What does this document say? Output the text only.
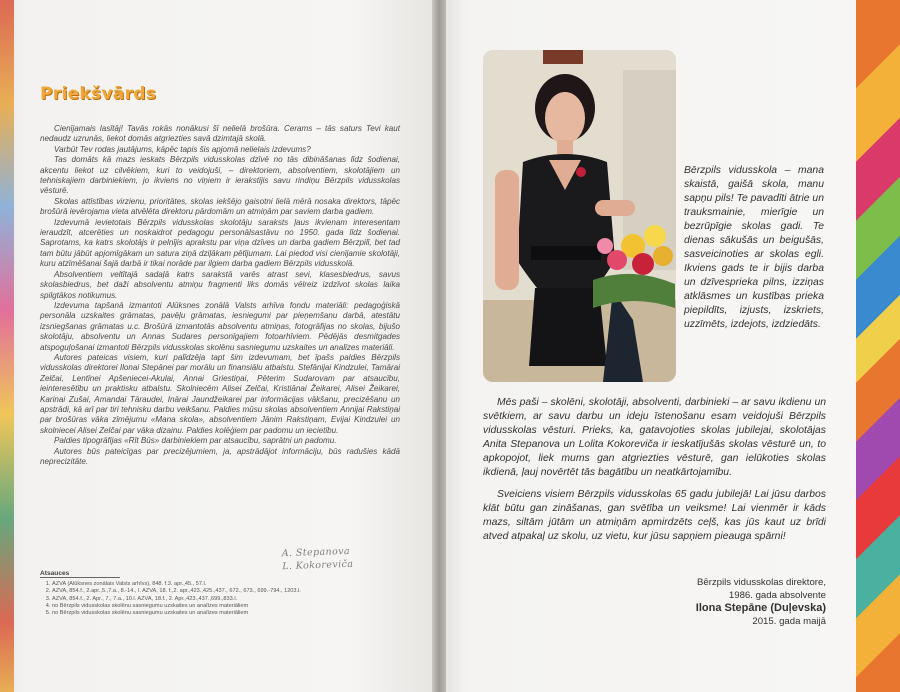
Priekšvārds

Cienījamais lasītāj! Tavās rokās nonākusi šī nelielā brošūra. Cerams – tās saturs Tevi kaut nedaudz uzrunās, liekot domās atgriezties savā dzimtajā skolā.

Varbūt Tev rodas jautājums, kāpēc tapis šis apjomā nelielais izdevums?

Tas domāts kā mazs ieskats Bērzpils vidusskolas dzīvē no tās dibināšanas līdz šodienai, akcentu liekot uz cilvēkiem, kuri to veidojuši, – direktoriem, absolventiem, skolotājiem un tehniskajiem darbiniekiem, jo ikviens no viņiem ir ierakstījis savu rindiņu Bērzpils vidusskolas vēsturē.

Skolas attīstības virzienu, prioritātes, skolas iekšējo gaisotni lielā mērā nosaka direktors, tāpēc brošūrā ievērojama vieta atvēlēta direktoru pārdomām un atmiņām par saviem darba gadiem.

Izdevumā ievietotais Bērzpils vidusskolas skolotāju saraksts ļaus ikvienam interesentam ieraudzīt, atcerēties un noskaidrot pedagogu personālsastāvu no 1950. gada līdz šodienai. Saprotams, ka katrs skolotājs ir pelnījis aprakstu par viņa dzīves un darba gadiem Bērzpilī, bet tad tam būtu jābūt apjomīgākam un satura ziņā dziļākam pētījumam. Lai piedod visi cienījamie skolotāji, kuru atzīmēšanai šajā darbā ir tikai norāde par ilgiem darba gadiem Bērzpils vidusskolā.

Absolventiem veltītajā sadaļā katrs sarakstā varēs atrast sevi, klasesbiedrus, savus skolasbiedrus, bet daži absolventu atmiņu fragmenti liks domās vēlreiz izdzīvot skolas laika spilgtākos notikumus.

Izdevuma tapšanā izmantoti Alūksnes zonālā Valsts arhīva fondu materiāli: pedagoģiskā personāla uzskaites grāmatas, pavēļu grāmatas, iesniegumi par pieņemšanu darbā, atestātu izsniegšanas grāmatas u.c. Brošūrā izmantotās absolventu atmiņas, fotogrāfijas no skolas, bijušo skolotāju, absolventu un Annas Sudares personīgajiem fotoarhīviem. Pēdējās desmitgades atspoguļošanai izmantoti Bērzpils vidusskolas skolēnu sasniegumu uzskaites un analīzes materiāli.

Autores pateicas visiem, kuri palīdzēja tapt šim izdevumam, bet īpašs paldies Bērzpils vidusskolas direktorei Ilonai Stepānei par morālu un finansiālu atbalstu. Stefānijai Kindzulei, Tamārai Zelčai, Lentīnei Apšeniecei-Akulai, Annai Griestiņai, Pēterim Sudarovam par atsaucību, ieinteresētību un praktisku atbalstu. Skolniecēm Alisei Zelčai, Kristiānai Žeikarei, Alisei Žeikarei, Karinai Zušai, Amandai Tāraudei, Inārai Jaundžeikarei par informācijas vākšanu, precizēšanu un apstrādi, kā arī par tiri tehnisku darbu veikšanu. Paldies mūsu skolas absolventiem Annijai Rakstiņai par brošūras vāka zīmējumu «Mana skola», absolventiem Jānim Rakstiņam, Evijai Kindzulei un skolniecei Alisei Zelčai par vāka dizainu. Paldies kolēģiem par padomu un iecietību.

Paldies tipogrāfijas «Rīt Būs» darbiniekiem par atsaucību, saprātni un padomu.

Autores būs pateicīgas par precizējumiem, ja, apstrādājot informāciju, būs radušies kādā neprecizitāte.

A. Stepanova
L. Kokoreviča
Atsauces
1. AZVA (Alūksnes zonālais Valsts arhīvs), 848. f.3. apr.,45., 57.l.
2. AZVA, 854.f., 2.apr.,5.,7.a., 8.-14., l. AZVA, 18. f.,2. apr.,423.,425.,437., 672., 673., 699.-794., 1203.l.
3. AZVA, 854.f., 2. Apr., 7., 7.a., 10.l. AZVA, 18.f., 2. Apr.,423.,437.,699.,833.l.
4. no Bērzpils vidusskolas skolēnu sasniegumu uzskaites un analīzes materiāliem
5. no Bērzpils vidusskolas skolēnu sasniegumu uzskaites un analīzes materiāliem
Bērzpils vidusskola – mana skaistā, gaišā skola, manu sapņu pils! Te pavadīti ātrie un trauksmainie, mierīgie un bezrūpīgie skolas gadi. Te dienas sākušās un beigušās, sasveicinoties ar skolas egli. Ikviens gads te ir bijis darba un dzīvesprieka pilns, izziņas atklāsmes un kustības prieka piepildīts, izjusts, izskriets, uzzīmēts, izdejots, izdziedāts.

Mēs paši – skolēni, skolotāji, absolventi, darbinieki – ar savu ikdienu un svētkiem, ar savu darbu un ideju īstenošanu esam veidojuši Bērzpils vidusskolas vēsturi. Prieks, ka, gatavojoties skolas jubilejai, skolotājas Anita Stepanova un Lolita Kokoreviča ir ieskatījušās skolas vēsturē un, to apkopojot, liek mums gan atgriezties vēsturē, gan ielūkoties skolas ikdienā, ļauj novērtēt tās bagātību un neatkārtojamību.

Sveiciens visiem Bērzpils vidusskolas 65 gadu jubilejā! Lai jūsu darbos klāt būtu gan zināšanas, gan svētība un veiksme! Lai vienmēr ir kāds mazs, siltām jūtām un atmiņām apmirdzēts ceļš, kas jūs kaut uz brīdi atved atpakaļ uz skolu, uz vietu, kur jūsu sapņiem pieauga spārni!

Bērzpils vidusskolas direktore,
1986. gada absolvente
Ilona Stepāne (Duļevska)
2015. gada maijā
